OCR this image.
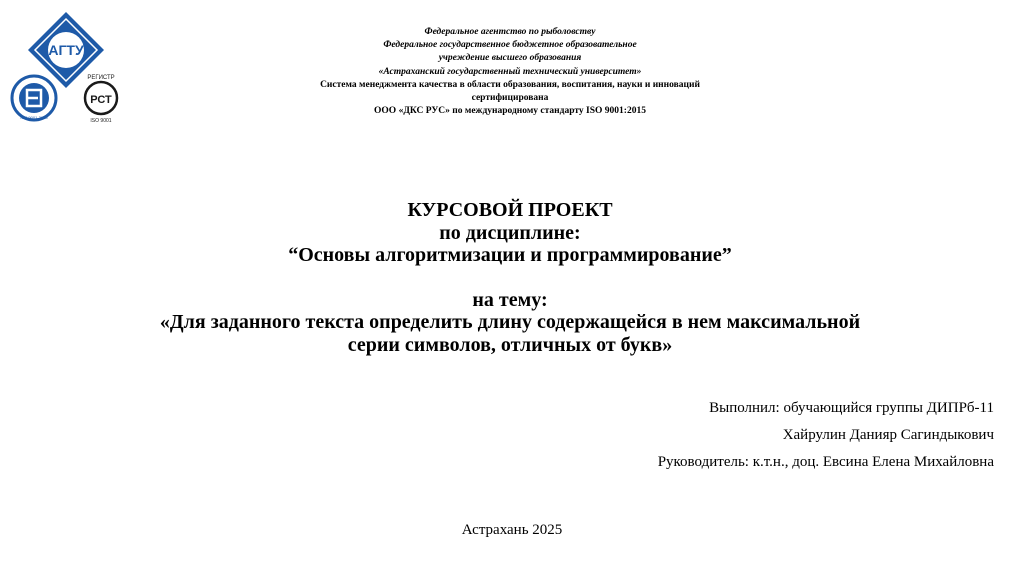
АГТУ
ISO 9001-2015
РЕГИСТР
РСТ
ISO 9001
Федеральное агентство по рыболовству
Федеральное государственное бюджетное образовательное
учреждение высшего образования
«Астраханский государственный технический университет»
Система менеджмента качества в области образования, воспитания, науки и инноваций
сертифицирована
ООО «ДКС РУС» по международному стандарту ISO 9001:2015
КУРСОВОЙ ПРОЕКТ
по дисциплине:
“Основы алгоритмизации и программирование”
на тему:
«Для заданного текста определить длину содержащейся в нем максимальной
серии символов, отличных от букв»
Выполнил: обучающийся группы ДИПРб-11
Хайрулин Данияр Сагиндыкович
Руководитель: к.т.н., доц. Евсина Елена Михайловна
Астрахань 2025
